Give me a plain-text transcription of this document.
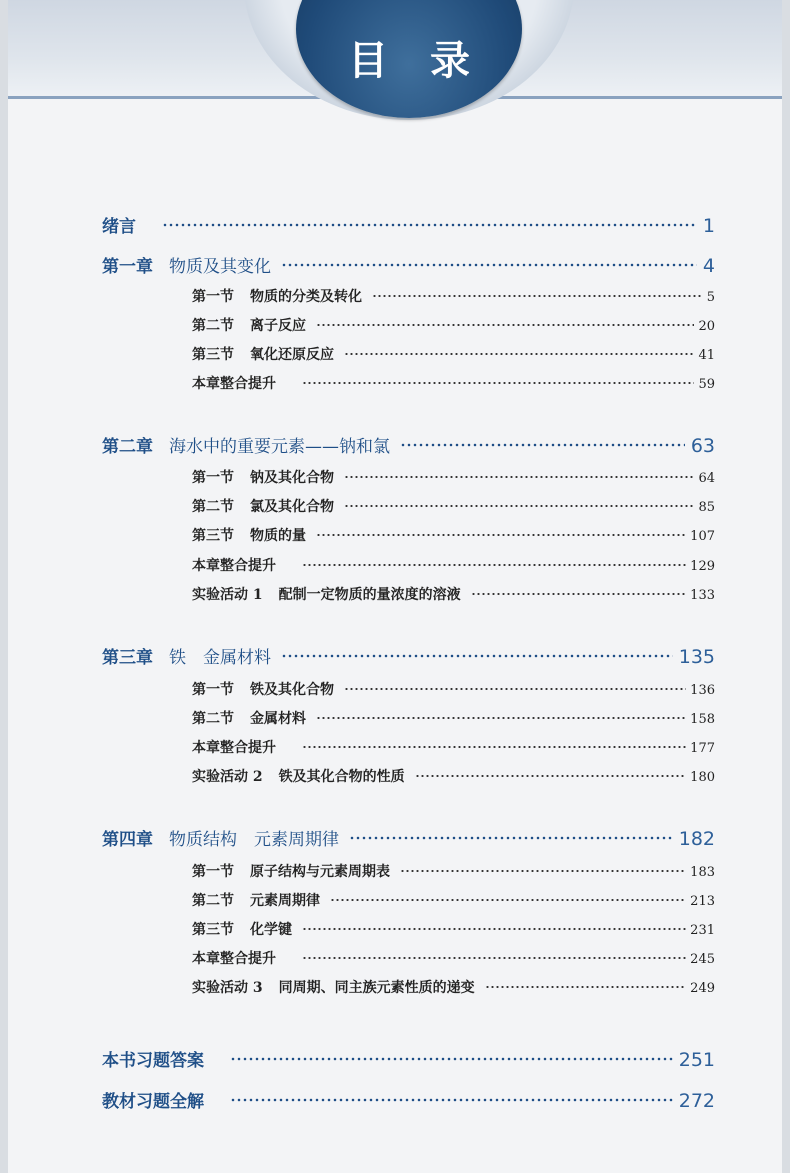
目录
绪言	1
第一章 物质及其变化	4
第一节 物质的分类及转化	5
第二节 离子反应	20
第三节 氧化还原反应	41
本章整合提升	59
第二章 海水中的重要元素——钠和氯	63
第一节 钠及其化合物	64
第二节 氯及其化合物	85
第三节 物质的量	107
本章整合提升	129
实验活动 1 配制一定物质的量浓度的溶液	133
第三章 铁　金属材料	135
第一节 铁及其化合物	136
第二节 金属材料	158
本章整合提升	177
实验活动 2 铁及其化合物的性质	180
第四章 物质结构　元素周期律	182
第一节 原子结构与元素周期表	183
第二节 元素周期律	213
第三节 化学键	231
本章整合提升	245
实验活动 3 同周期、同主族元素性质的递变	249
本书习题答案	251
教材习题全解	272
